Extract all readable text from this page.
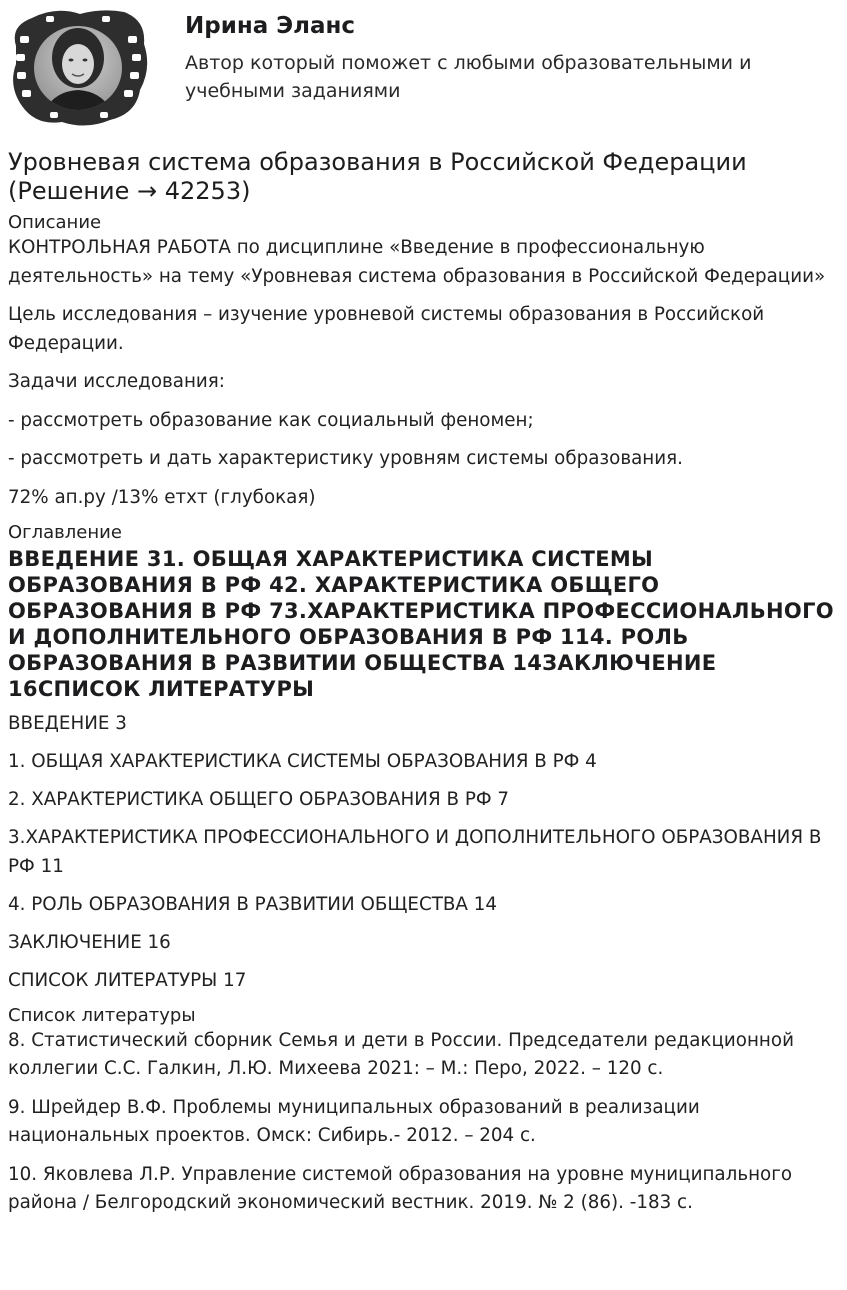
Ирина Эланс
Автор который поможет с любыми образовательными и учебными заданиями
Уровневая система образования в Российской Федерации (Решение → 42253)
Описание

КОНТРОЛЬНАЯ РАБОТА по дисциплине «Введение в профессиональную деятельность» на тему «Уровневая система образования в Российской Федерации»

Цель исследования – изучение уровневой системы образования в Российской Федерации.

Задачи исследования:

- рассмотреть образование как социальный феномен;

- рассмотреть и дать характеристику уровням системы образования.

72% ап.ру /13% етхт (глубокая)

Оглавление
ВВЕДЕНИЕ 31. ОБЩАЯ ХАРАКТЕРИСТИКА СИСТЕМЫ ОБРАЗОВАНИЯ В РФ 42. ХАРАКТЕРИСТИКА ОБЩЕГО ОБРАЗОВАНИЯ В РФ 73.ХАРАКТЕРИСТИКА ПРОФЕССИОНАЛЬНОГО И ДОПОЛНИТЕЛЬНОГО ОБРАЗОВАНИЯ В РФ 114. РОЛЬ ОБРАЗОВАНИЯ В РАЗВИТИИ ОБЩЕСТВА 14ЗАКЛЮЧЕНИЕ 16СПИСОК ЛИТЕРАТУРЫ
ВВЕДЕНИЕ 3
1. ОБЩАЯ ХАРАКТЕРИСТИКА СИСТЕМЫ ОБРАЗОВАНИЯ В РФ 4
2. ХАРАКТЕРИСТИКА ОБЩЕГО ОБРАЗОВАНИЯ В РФ 7
3.ХАРАКТЕРИСТИКА ПРОФЕССИОНАЛЬНОГО И ДОПОЛНИТЕЛЬНОГО ОБРАЗОВАНИЯ В РФ 11
4. РОЛЬ ОБРАЗОВАНИЯ В РАЗВИТИИ ОБЩЕСТВА 14
ЗАКЛЮЧЕНИЕ 16
СПИСОК ЛИТЕРАТУРЫ 17
Список литературы
8. Статистический сборник Семья и дети в России. Председатели редакционной коллегии С.С. Галкин, Л.Ю. Михеева 2021: – М.: Перо, 2022. – 120 с.
9. Шрейдер В.Ф. Проблемы муниципальных образований в реализации национальных проектов. Омск: Сибирь.- 2012. – 204 с.
10. Яковлева Л.Р. Управление системой образования на уровне муниципального района / Белгородский экономический вестник. 2019. № 2 (86). -183 с.
